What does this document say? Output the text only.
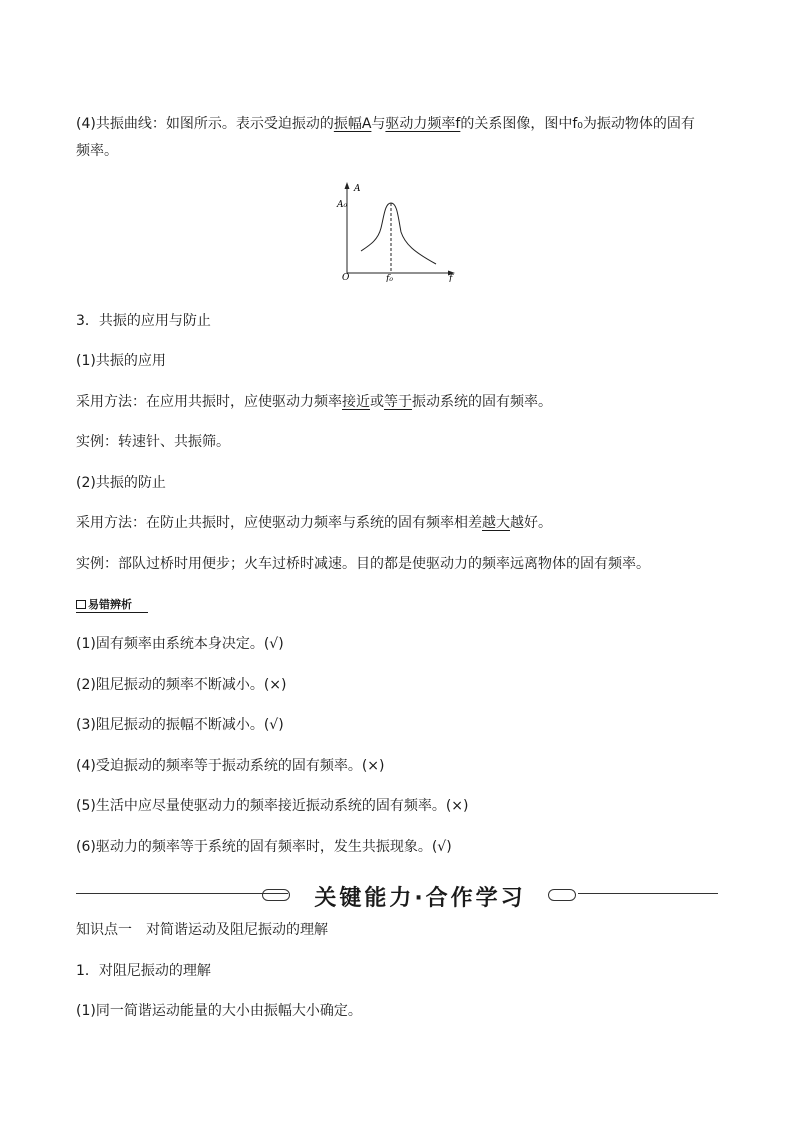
(4)共振曲线：如图所示。表示受迫振动的振幅A与驱动力频率f的关系图像，图中f₀为振动物体的固有
频率。
A
A₀
O	f₀	f
3．共振的应用与防止
(1)共振的应用
采用方法：在应用共振时，应使驱动力频率接近或等于振动系统的固有频率。
实例：转速针、共振筛。
(2)共振的防止
采用方法：在防止共振时，应使驱动力频率与系统的固有频率相差越大越好。
实例：部队过桥时用便步；火车过桥时减速。目的都是使驱动力的频率远离物体的固有频率。
易错辨析
(1)固有频率由系统本身决定。(√)
(2)阻尼振动的频率不断减小。(×)
(3)阻尼振动的振幅不断减小。(√)
(4)受迫振动的频率等于振动系统的固有频率。(×)
(5)生活中应尽量使驱动力的频率接近振动系统的固有频率。(×)
(6)驱动力的频率等于系统的固有频率时，发生共振现象。(√)
关键能力·合作学习
知识点一　对简谐运动及阻尼振动的理解
1．对阻尼振动的理解
(1)同一简谐运动能量的大小由振幅大小确定。
